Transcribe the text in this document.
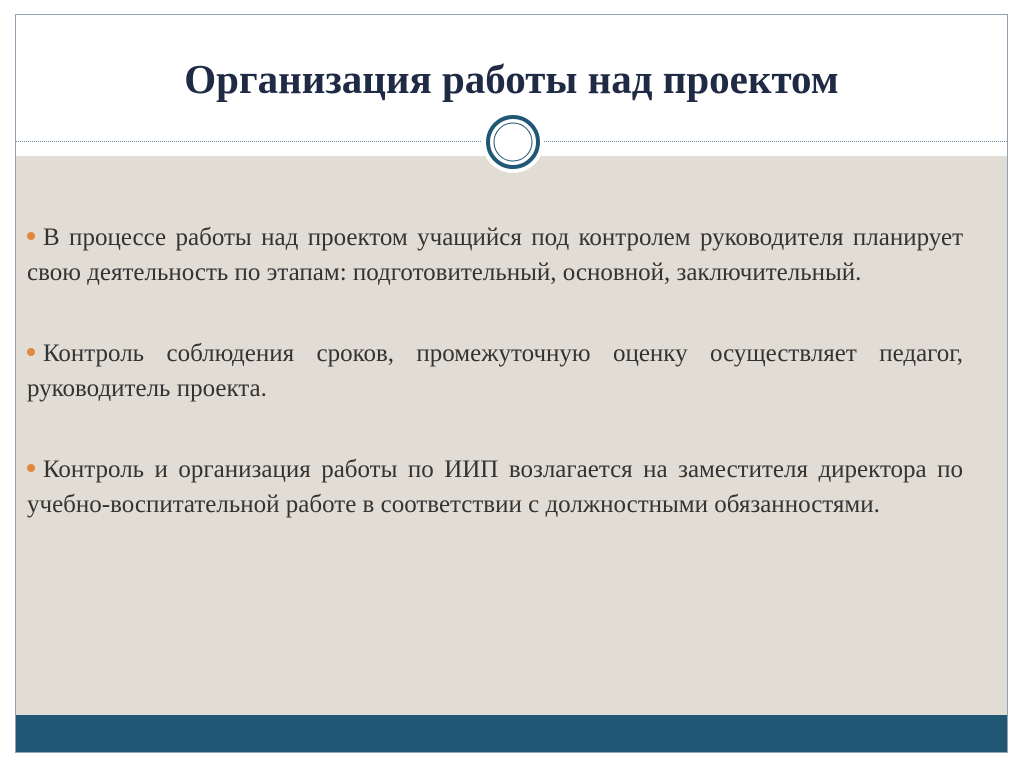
Организация работы над проектом
В процессе работы над проектом учащийся под контролем руководителя планирует свою деятельность по этапам: подготовительный, основной, заключительный.
Контроль соблюдения сроков, промежуточную оценку осуществляет педагог, руководитель проекта.
Контроль и организация работы по ИИП возлагается на заместителя директора по учебно-воспитательной работе в соответствии с должностными обязанностями.
